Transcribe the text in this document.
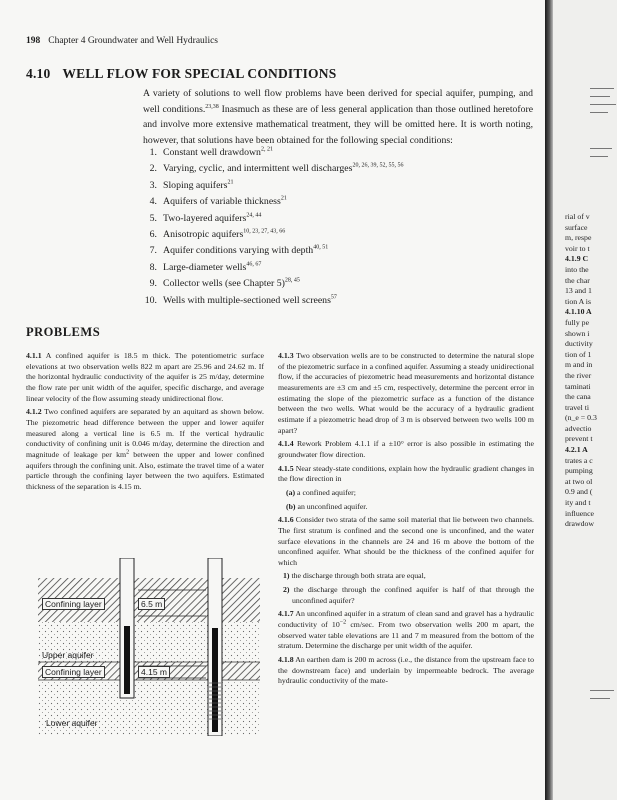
198 Chapter 4 Groundwater and Well Hydraulics
4.10 WELL FLOW FOR SPECIAL CONDITIONS
A variety of solutions to well flow problems have been derived for special aquifer, pumping, and well conditions.$^{23,38}$ Inasmuch as these are of less general application than those outlined heretofore and involve more extensive mathematical treatment, they will be omitted here. It is worth noting, however, that solutions have been obtained for the following special conditions:
1. Constant well drawdown$^{2, 21}$
2. Varying, cyclic, and intermittent well discharges$^{20, 26, 39, 52, 55, 56}$
3. Sloping aquifers$^{21}$
4. Aquifers of variable thickness$^{21}$
5. Two-layered aquifers$^{24, 44}$
6. Anisotropic aquifers$^{10, 23, 27, 43, 66}$
7. Aquifer conditions varying with depth$^{40, 51}$
8. Large-diameter wells$^{46, 67}$
9. Collector wells (see Chapter 5)$^{28, 45}$
10. Wells with multiple-sectioned well screens$^{57}$
PROBLEMS

4.1.1 A confined aquifer is 18.5 m thick. The potentiometric surface elevations at two observation wells 822 m apart are 25.96 and 24.62 m. If the horizontal hydraulic conductivity of the aquifer is 25 m/day, determine the flow rate per unit width of the aquifer, specific discharge, and average linear velocity of the flow assuming steady unidirectional flow.

4.1.2 Two confined aquifers are separated by an aquitard as shown below. The piezometric head difference between the upper and lower aquifer measured along a vertical line is 6.5 m. If the vertical hydraulic conductivity of confining unit is 0.046 m/day, determine the direction and magnitude of leakage per $km^2$ between the upper and lower confined aquifers through the confining unit. Also, estimate the travel time of a water particle through the confining layer between the two aquifers. Estimated thickness of the separation is 4.15 m.

Confining layer	6.5 m
Upper aquifer
Confining layer	4.15 m
Lower aquifer

4.1.3 Two observation wells are to be constructed to determine the natural slope of the piezometric surface in a confined aquifer. Assuming a steady unidirectional flow, if the accuracies of piezometric head measurements and horizontal distance measurements are ±3 cm and ±5 cm, respectively, determine the percent error in estimating the slope of the piezometric surface as a function of the distance between the two wells. What would be the accuracy of a hydraulic gradient estimate if a piezometric head drop of 3 m is observed between two wells 100 m apart?

4.1.4 Rework Problem 4.1.1 if a ±10° error is also possible in estimating the groundwater flow direction.

4.1.5 Near steady-state conditions, explain how the hydraulic gradient changes in the flow direction in

(a) a confined aquifer;

(b) an unconfined aquifer.

4.1.6 Consider two strata of the same soil material that lie between two channels. The first stratum is confined and the second one is unconfined, and the water surface elevations in the channels are 24 and 16 m above the bottom of the unconfined aquifer. What should be the thickness of the confined aquifer for which

1) the discharge through both strata are equal,

2) the discharge through the confined aquifer is half of that through the unconfined aquifer?

4.1.7 An unconfined aquifer in a stratum of clean sand and gravel has a hydraulic conductivity of $10^{-2}$ cm/sec. From two observation wells 200 m apart, the observed water table elevations are 11 and 7 m measured from the bottom of the stratum. Determine the discharge per unit width of the aquifer.

4.1.8 An earthen dam is 200 m across (i.e., the distance from the upstream face to the downstream face) and underlain by impermeable bedrock. The average hydraulic conductivity of the mate-

rial of v
surface
m, respe
voir to t
4.1.9 C
into the
the char
13 and 1
tion A is
4.1.10 A
fully pe
shown i
ductivity
tion of 1
m and in
the river
taminati
the cana
travel ti
(n_e = 0.3
advectio
prevent t
4.2.1 A
trates a c
pumping
at two ol
0.9 and (
ity and t
influence
drawdow
